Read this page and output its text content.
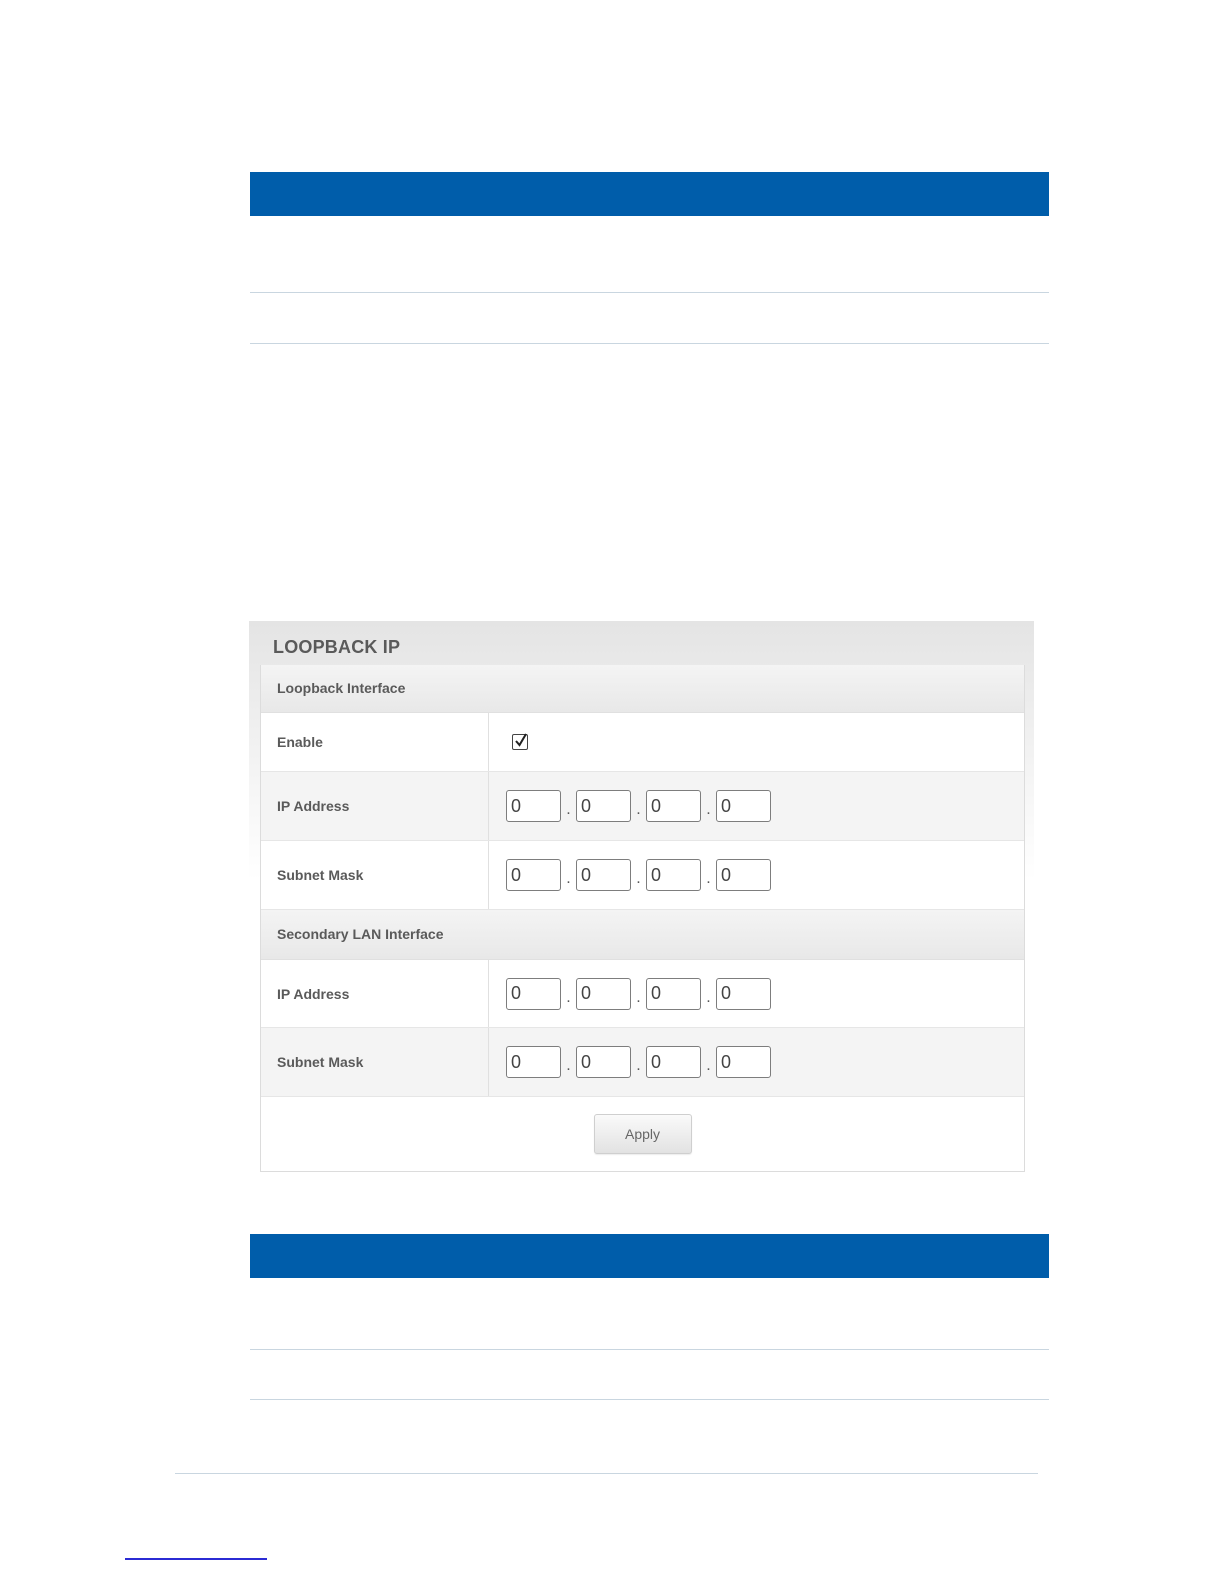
LOOPBACK IP
Loopback Interface
Enable
IP Address
0	.
0	.
0	.
0
Subnet Mask
0	.
0	.
0	.
0
Secondary LAN Interface
IP Address
0	.
0	.
0	.
0
Subnet Mask
0	.
0	.
0	.
0
Apply
